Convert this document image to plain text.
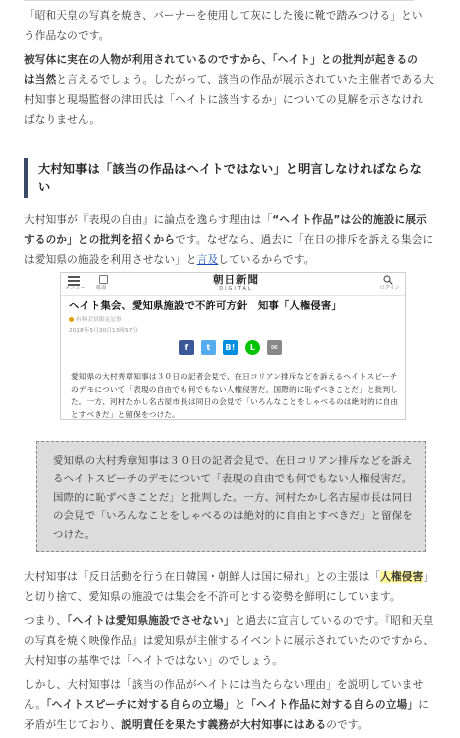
「昭和天皇の写真を焼き、バーナーを使用して灰にした後に靴で踏みつける」とい
う作品なのです。

被写体に実在の人物が利用されているのですから、「ヘイト」との批判が起きるの
は当然と言えるでしょう。したがって、該当の作品が展示されていた主催者である大
村知事と現場監督の津田氏は「ヘイトに該当するか」についての見解を示さなけれ
ばなりません。

大村知事は「該当の作品はヘイトではない」と明言しなければならない

大村知事が『表現の自由』に論点を逸らす理由は「“ヘイト作品”は公的施設に展示するのか」との批判を招くからです。なぜなら、過去に「在日の排斥を訴える集会には愛知県の施設を利用させない」と言及しているからです。

メニュー 紙面
朝日新聞
DIGITAL	ログイン
ヘイト集会、愛知県施設で不許可方針　知事「人権侵害」
有料会員限定記事
2018年5月30日13時57分
f	t	B!	L	✉
愛知県の大村秀章知事は３０日の記者会見で、在日コリアン排斥などを訴えるヘイトスピーチのデモについて「表現の自由でも何でもない人権侵害だ。国際的に恥ずべきことだ」と批判した。一方、河村たかし名古屋市長は同日の会見で「いろんなことをしゃべるのは絶対的に自由とすべきだ」と留保をつけた。
愛知県の大村秀章知事は３０日の記者会見で、在日コリアン排斥などを訴えるヘイトスピーチのデモについて「表現の自由でも何でもない人権侵害だ。国際的に恥ずべきことだ」と批判した。一方、河村たかし名古屋市長は同日の会見で「いろんなことをしゃべるのは絶対的に自由とすべきだ」と留保をつけた。

大村知事は「反日活動を行う在日韓国・朝鮮人は国に帰れ」との主張は「人権侵害」と切り捨て、愛知県の施設では集会を不許可とする姿勢を鮮明にしています。

つまり、「ヘイトは愛知県施設でさせない」と過去に宣言しているのです。『昭和天皇の写真を焼く映像作品』は愛知県が主催するイベントに展示されていたのですから、大村知事の基準では「ヘイトではない」のでしょう。

しかし、大村知事は「該当の作品がヘイトには当たらない理由」を説明していません。「ヘイトスピーチに対する自らの立場」と「ヘイト作品に対する自らの立場」に矛盾が生じており、説明責任を果たす義務が大村知事にはあるのです。
